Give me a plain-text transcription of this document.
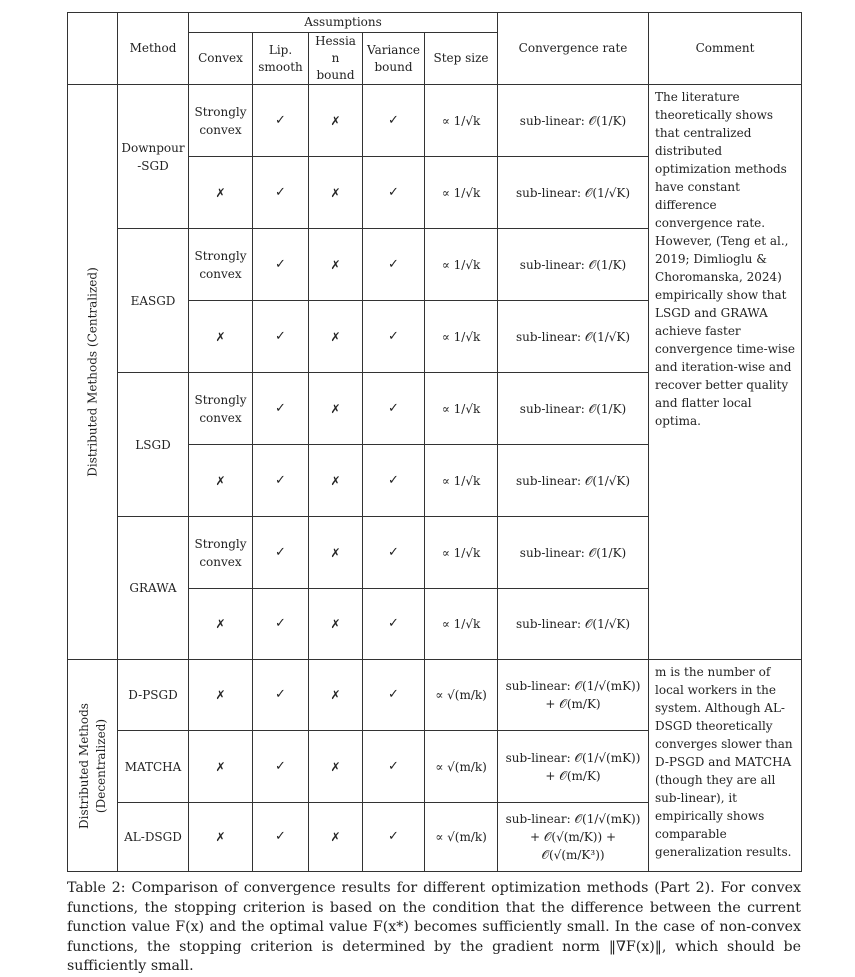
	Method	Assumptions					Convergence rate	Comment
		Convex	Lip. smooth	Hessian bound	Variance bound	Step size		

Distributed Methods (Centralized)	Downpour-SGD	Strongly convex	✓	✗	✓	∝ 1/√k	sub-linear: 𝒪(1/K)	The literature theoretically shows that centralized distributed optimization methods have constant difference convergence rate. However, (Teng et al., 2019; Dimlioglu & Choromanska, 2024) empirically show that LSGD and GRAWA achieve faster convergence time-wise and iteration-wise and recover better quality and flatter local optima.
		✗	✓	✗	✓	∝ 1/√k	sub-linear: 𝒪(1/√K)	
	EASGD	Strongly convex	✓	✗	✓	∝ 1/√k	sub-linear: 𝒪(1/K)	
		✗	✓	✗	✓	∝ 1/√k	sub-linear: 𝒪(1/√K)	
	LSGD	Strongly convex	✓	✗	✓	∝ 1/√k	sub-linear: 𝒪(1/K)	
		✗	✓	✗	✓	∝ 1/√k	sub-linear: 𝒪(1/√K)	
	GRAWA	Strongly convex	✓	✗	✓	∝ 1/√k	sub-linear: 𝒪(1/K)	
		✗	✓	✗	✓	∝ 1/√k	sub-linear: 𝒪(1/√K)	

Distributed Methods (Decentralized)	D-PSGD	✗	✓	✗	✓	∝ √(m/k)	sub-linear: 𝒪(1/√(mK)) + 𝒪(m/K)	m is the number of local workers in the system. Although AL-DSGD theoretically converges slower than D-PSGD and MATCHA (though they are all sub-linear), it empirically shows comparable generalization results.
	MATCHA	✗	✓	✗	✓	∝ √(m/k)	sub-linear: 𝒪(1/√(mK)) + 𝒪(m/K)	
	AL-DSGD	✗	✓	✗	✓	∝ √(m/k)	sub-linear: 𝒪(1/√(mK)) + 𝒪(√(m/K)) + 𝒪(√(m/K³))	
Table 2: Comparison of convergence results for different optimization methods (Part 2). For convex functions, the stopping criterion is based on the condition that the difference between the current function value F(x) and the optimal value F(x*) becomes sufficiently small. In the case of non-convex functions, the stopping criterion is determined by the gradient norm ‖∇F(x)‖, which should be sufficiently small.
